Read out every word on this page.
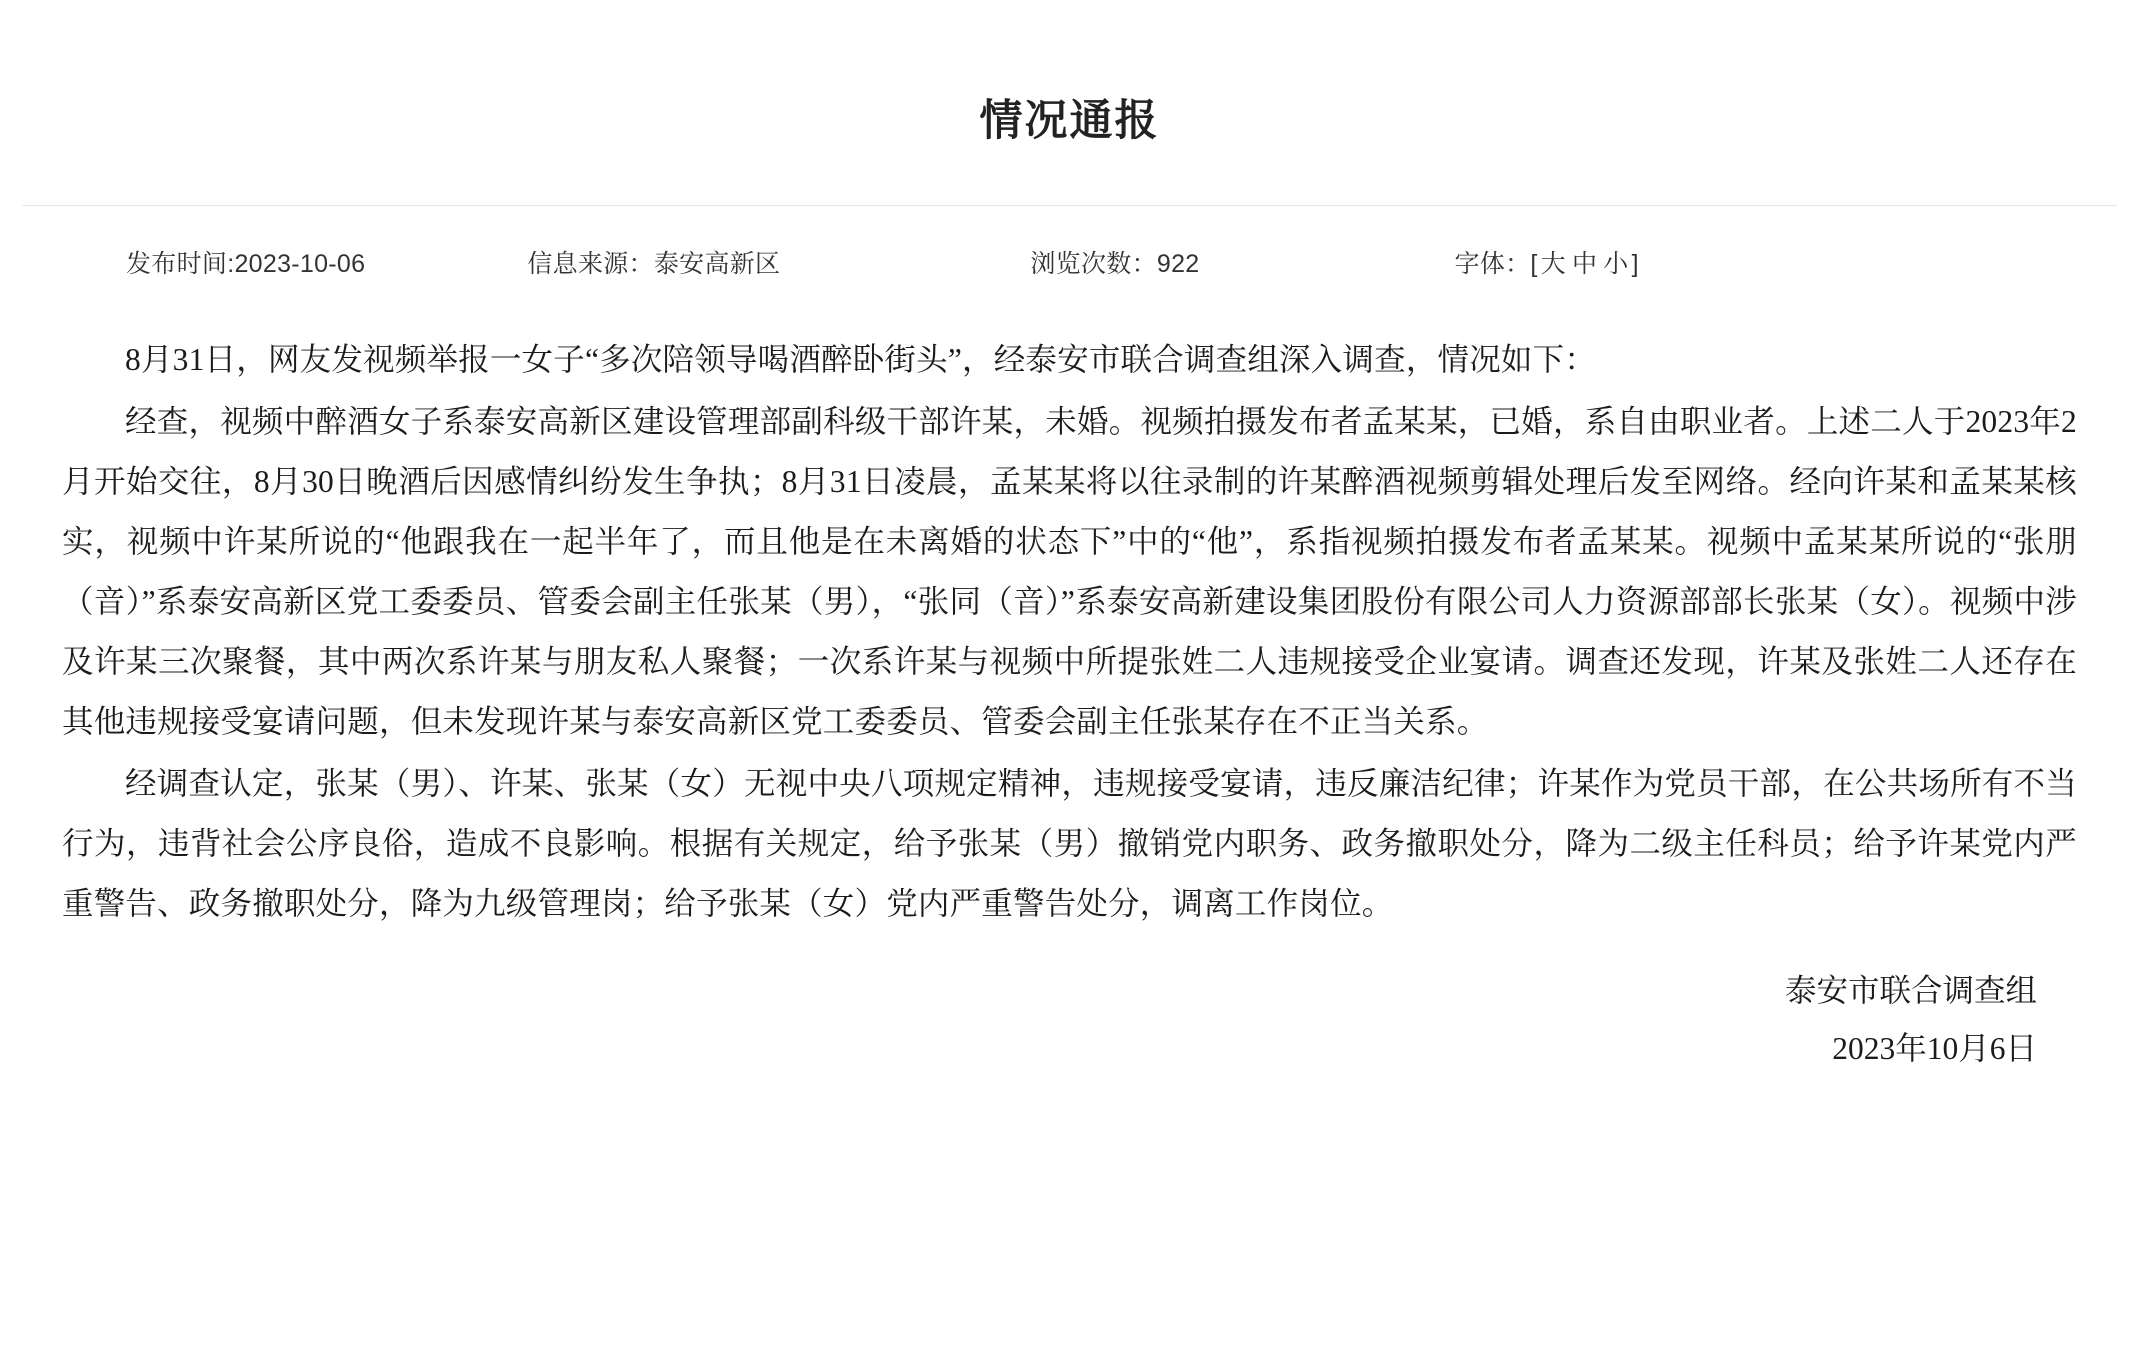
情况通报
发布时间:2023-10-06	信息来源：泰安高新区	浏览次数：922	字体：[ 大 中 小 ]

8月31日，网友发视频举报一女子“多次陪领导喝酒醉卧街头”，经泰安市联合调查组深入调查，情况如下：

经查，视频中醉酒女子系泰安高新区建设管理部副科级干部许某，未婚。视频拍摄发布者孟某某，已婚，系自由职业者。上述二人于2023年2月开始交往，8月30日晚酒后因感情纠纷发生争执；8月31日凌晨，孟某某将以往录制的许某醉酒视频剪辑处理后发至网络。经向许某和孟某某核实，视频中许某所说的“他跟我在一起半年了，而且他是在未离婚的状态下”中的“他”，系指视频拍摄发布者孟某某。视频中孟某某所说的“张朋（音）”系泰安高新区党工委委员、管委会副主任张某（男），“张同（音）”系泰安高新建设集团股份有限公司人力资源部部长张某（女）。视频中涉及许某三次聚餐，其中两次系许某与朋友私人聚餐；一次系许某与视频中所提张姓二人违规接受企业宴请。调查还发现，许某及张姓二人还存在其他违规接受宴请问题，但未发现许某与泰安高新区党工委委员、管委会副主任张某存在不正当关系。

经调查认定，张某（男）、许某、张某（女）无视中央八项规定精神，违规接受宴请，违反廉洁纪律；许某作为党员干部，在公共场所有不当行为，违背社会公序良俗，造成不良影响。根据有关规定，给予张某（男）撤销党内职务、政务撤职处分，降为二级主任科员；给予许某党内严重警告、政务撤职处分，降为九级管理岗；给予张某（女）党内严重警告处分，调离工作岗位。

泰安市联合调查组
2023年10月6日
